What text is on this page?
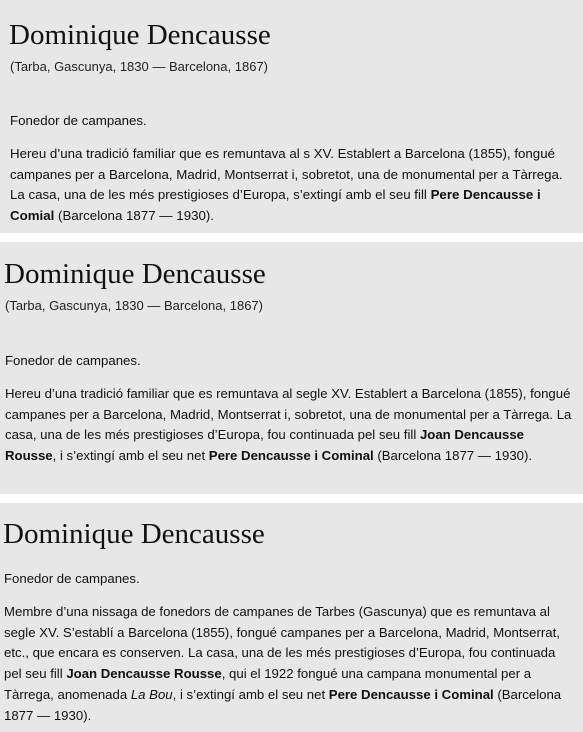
Dominique Dencausse

(Tarba, Gascunya, 1830 — Barcelona, 1867)

Fonedor de campanes.

Hereu d’una tradició familiar que es remuntava al s XV. Establert a Barcelona (1855), fongué campanes per a Barcelona, Madrid, Montserrat i, sobretot, una de monumental per a Tàrrega. La casa, una de les més prestigioses d’Europa, s’extingí amb el seu fill Pere Dencausse i Comial (Barcelona 1877 — 1930).

Dominique Dencausse

(Tarba, Gascunya, 1830 — Barcelona, 1867)

Fonedor de campanes.

Hereu d’una tradició familiar que es remuntava al segle XV. Establert a Barcelona (1855), fongué campanes per a Barcelona, Madrid, Montserrat i, sobretot, una de monumental per a Tàrrega. La casa, una de les més prestigioses d’Europa, fou continuada pel seu fill Joan Dencausse Rousse, i s’extingí amb el seu net Pere Dencausse i Cominal (Barcelona 1877 — 1930).

Dominique Dencausse

Fonedor de campanes.

Membre d’una nissaga de fonedors de campanes de Tarbes (Gascunya) que es remuntava al segle XV. S’establí a Barcelona (1855), fongué campanes per a Barcelona, Madrid, Montserrat, etc., que encara es conserven. La casa, una de les més prestigioses d’Europa, fou continuada pel seu fill Joan Dencausse Rousse, qui el 1922 fongué una campana monumental per a Tàrrega, anomenada La Bou, i s’extingí amb el seu net Pere Dencausse i Cominal (Barcelona 1877 — 1930).
